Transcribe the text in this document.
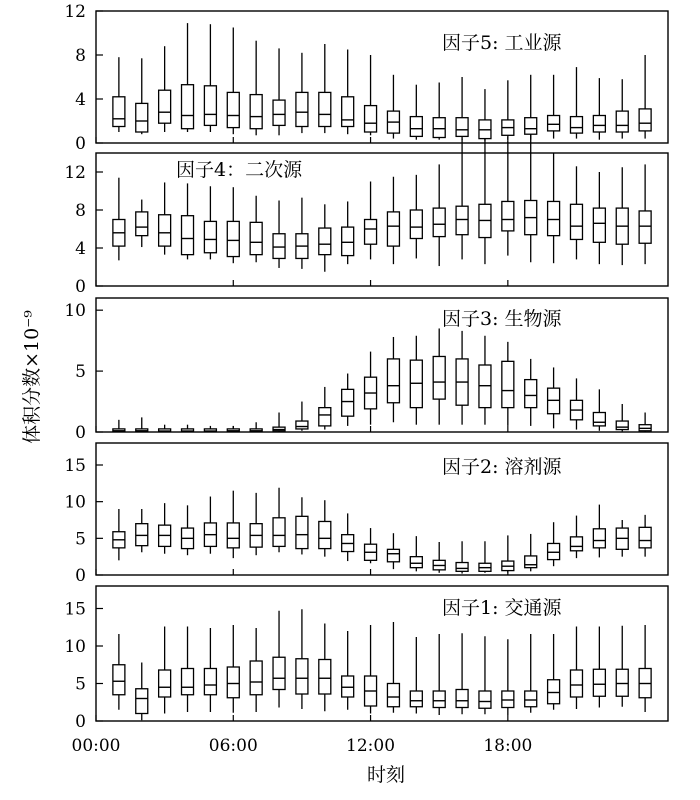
体积分数×10⁻⁹
时刻
0
4
8
12
因子5: 工业源
0
4
8
12	因子4：二次源
0
5
10	因子3: 生物源
0
5
10
15	因子2: 溶剂源
0
5
10
15	因子1: 交通源
00:00	06:00	12:00	18:00
